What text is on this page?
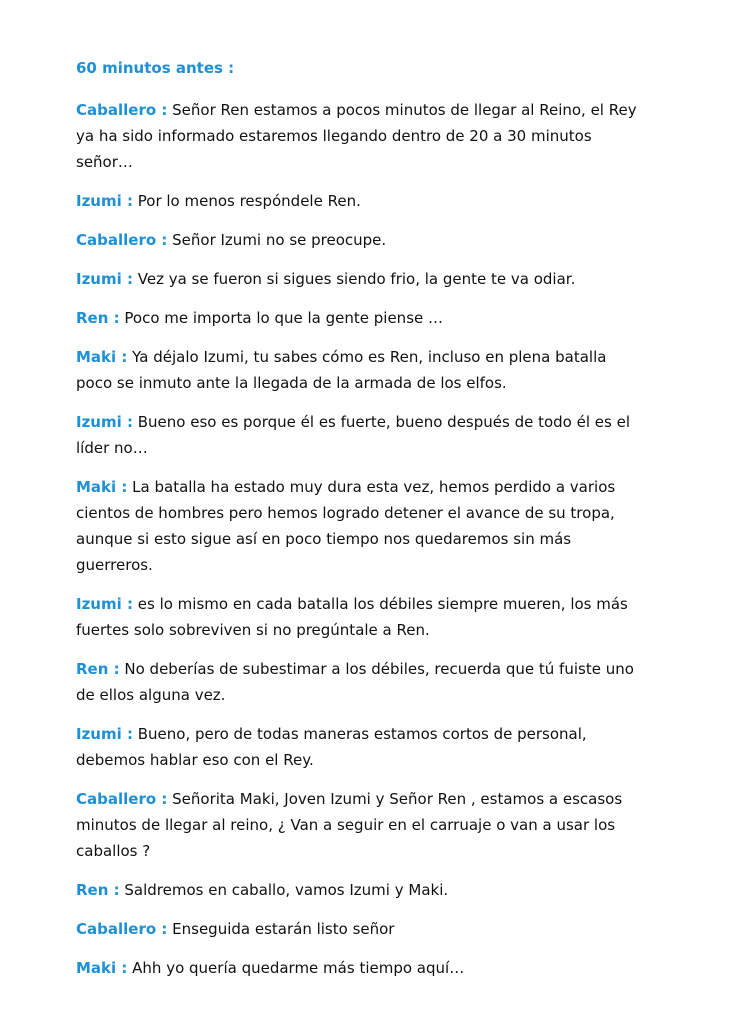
60 minutos antes :

Caballero : Señor Ren estamos a pocos minutos de llegar al Reino, el Rey ya ha sido informado estaremos llegando dentro de 20 a 30 minutos señor…

Izumi : Por lo menos respóndele Ren.

Caballero : Señor Izumi no se preocupe.

Izumi : Vez ya se fueron si sigues siendo frio, la gente te va odiar.

Ren : Poco me importa lo que la gente piense …

Maki : Ya déjalo Izumi, tu sabes cómo es Ren, incluso en plena batalla poco se inmuto ante la llegada de la armada de los elfos.

Izumi : Bueno eso es porque él es fuerte, bueno después de todo él es el líder no…

Maki : La batalla ha estado muy dura esta vez, hemos perdido a varios cientos de hombres pero hemos logrado detener el avance de su tropa, aunque si esto sigue así en poco tiempo nos quedaremos sin más guerreros.

Izumi : es lo mismo en cada batalla los débiles siempre mueren, los más fuertes solo sobreviven si no pregúntale a Ren.

Ren : No deberías de subestimar a los débiles, recuerda que tú fuiste uno de ellos alguna vez.

Izumi : Bueno, pero de todas maneras estamos cortos de personal, debemos hablar eso con el Rey.

Caballero : Señorita Maki, Joven Izumi y Señor Ren , estamos a escasos minutos de llegar al reino, ¿ Van a seguir en el carruaje o van a usar los caballos ?

Ren : Saldremos en caballo, vamos Izumi y Maki.

Caballero : Enseguida estarán listo señor

Maki : Ahh yo quería quedarme más tiempo aquí…
